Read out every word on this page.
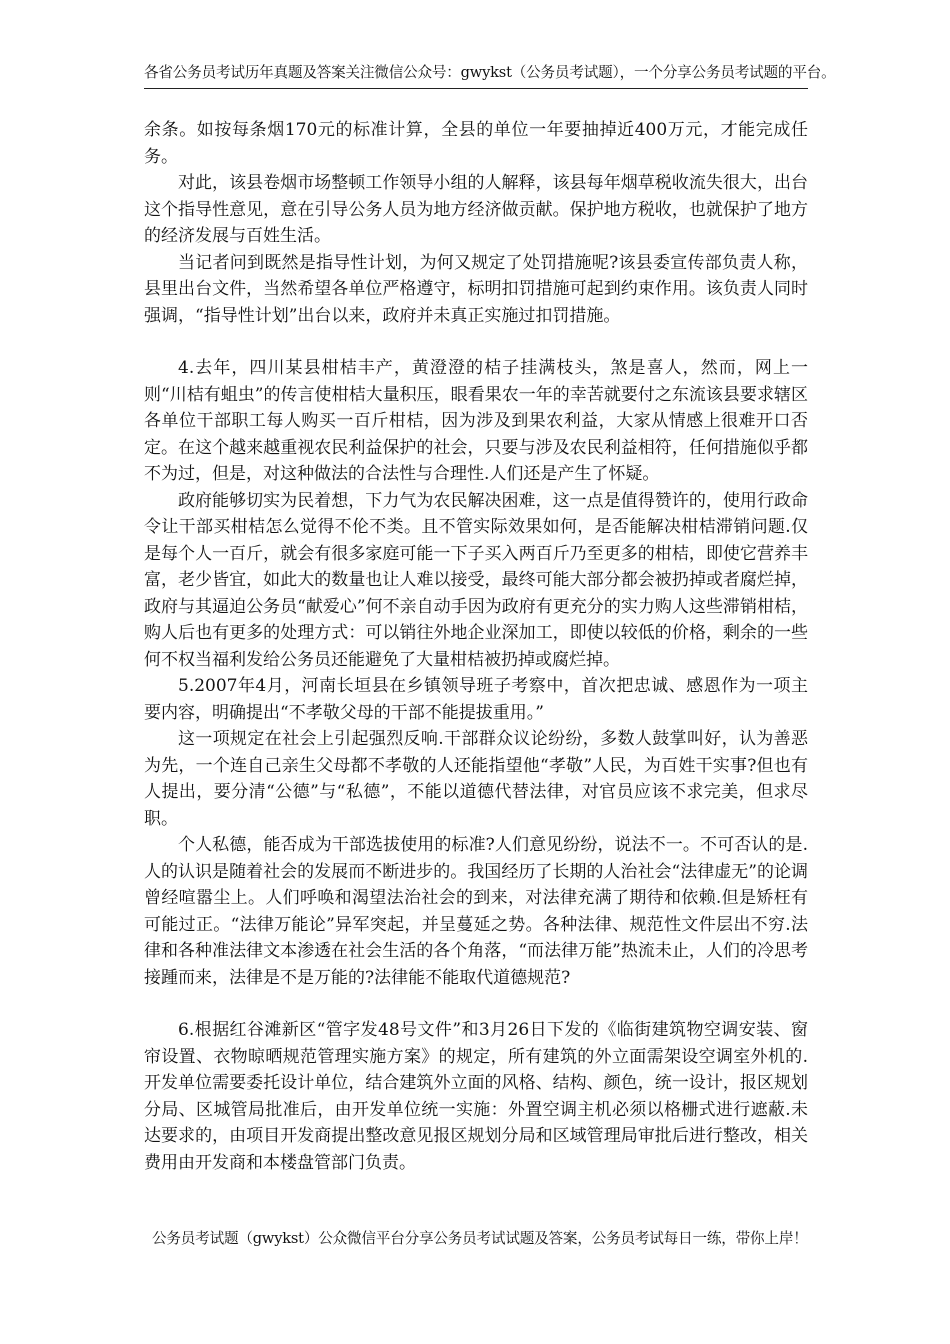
各省公务员考试历年真题及答案关注微信公众号：gwykst（公务员考试题），一个分享公务员考试题的平台。

余条。如按每条烟170元的标准计算，全县的单位一年要抽掉近400万元，才能完成任务。

对此，该县卷烟市场整顿工作领导小组的人解释，该县每年烟草税收流失很大，出台这个指导性意见，意在引导公务人员为地方经济做贡献。保护地方税收，也就保护了地方的经济发展与百姓生活。

当记者问到既然是指导性计划，为何又规定了处罚措施呢?该县委宣传部负责人称，县里出台文件，当然希望各单位严格遵守，标明扣罚措施可起到约束作用。该负责人同时强调，“指导性计划”出台以来，政府并未真正实施过扣罚措施。

4.去年，四川某县柑桔丰产，黄澄澄的桔子挂满枝头，煞是喜人，然而，网上一则“川桔有蛆虫”的传言使柑桔大量积压，眼看果农一年的幸苦就要付之东流该县要求辖区各单位干部职工每人购买一百斤柑桔，因为涉及到果农利益，大家从情感上很难开口否定。在这个越来越重视农民利益保护的社会，只要与涉及农民利益相符，任何措施似乎都不为过，但是，对这种做法的合法性与合理性.人们还是产生了怀疑。

政府能够切实为民着想，下力气为农民解决困难，这一点是值得赞许的，使用行政命令让干部买柑桔怎么觉得不伦不类。且不管实际效果如何，是否能解决柑桔滞销问题.仅是每个人一百斤，就会有很多家庭可能一下子买入两百斤乃至更多的柑桔，即使它营养丰富，老少皆宜，如此大的数量也让人难以接受，最终可能大部分都会被扔掉或者腐烂掉，政府与其逼迫公务员“献爱心”何不亲自动手因为政府有更充分的实力购人这些滞销柑桔，购人后也有更多的处理方式：可以销往外地企业深加工，即使以较低的价格，剩余的一些何不权当福利发给公务员还能避免了大量柑桔被扔掉或腐烂掉。

5.2007年4月，河南长垣县在乡镇领导班子考察中，首次把忠诚、感恩作为一项主要内容，明确提出“不孝敬父母的干部不能提拔重用。”

这一项规定在社会上引起强烈反响.干部群众议论纷纷，多数人鼓掌叫好，认为善恶为先，一个连自己亲生父母都不孝敬的人还能指望他“孝敬”人民，为百姓干实事?但也有人提出，要分清“公德”与“私德”，不能以道德代替法律，对官员应该不求完美，但求尽职。

个人私德，能否成为干部选拔使用的标准?人们意见纷纷，说法不一。不可否认的是.人的认识是随着社会的发展而不断进步的。我国经历了长期的人治社会“法律虚无”的论调曾经喧嚣尘上。人们呼唤和渴望法治社会的到来，对法律充满了期待和依赖.但是矫枉有可能过正。“法律万能论”异军突起，并呈蔓延之势。各种法律、规范性文件层出不穷.法律和各种准法律文本渗透在社会生活的各个角落，“而法律万能”热流未止，人们的冷思考接踵而来，法律是不是万能的?法律能不能取代道德规范?

6.根据红谷滩新区“管字发48号文件”和3月26日下发的《临街建筑物空调安装、窗帘设置、衣物晾晒规范管理实施方案》的规定，所有建筑的外立面需架设空调室外机的.开发单位需要委托设计单位，结合建筑外立面的风格、结构、颜色，统一设计，报区规划分局、区城管局批准后，由开发单位统一实施：外置空调主机必须以格栅式进行遮蔽.未达要求的，由项目开发商提出整改意见报区规划分局和区域管理局审批后进行整改，相关费用由开发商和本楼盘管部门负责。

公务员考试题（gwykst）公众微信平台分享公务员考试试题及答案，公务员考试每日一练，带你上岸！
